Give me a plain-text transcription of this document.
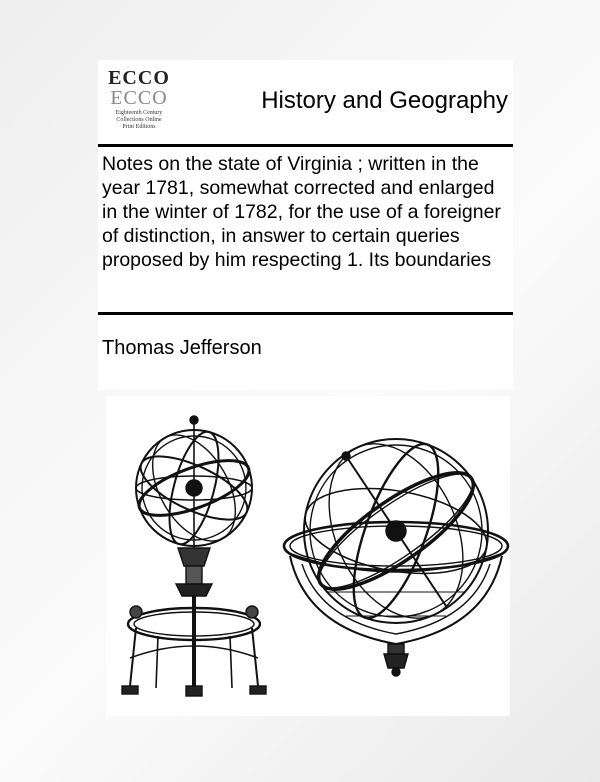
ECCO
ECCO
Eighteenth Century
Collections Online
Print Editions
History and Geography
Notes on the state of Virginia ; written in the year 1781, somewhat corrected and enlarged in the winter of 1782, for the use of a foreigner of distinction, in answer to certain queries proposed by him respecting 1. Its boundaries
Thomas Jefferson
